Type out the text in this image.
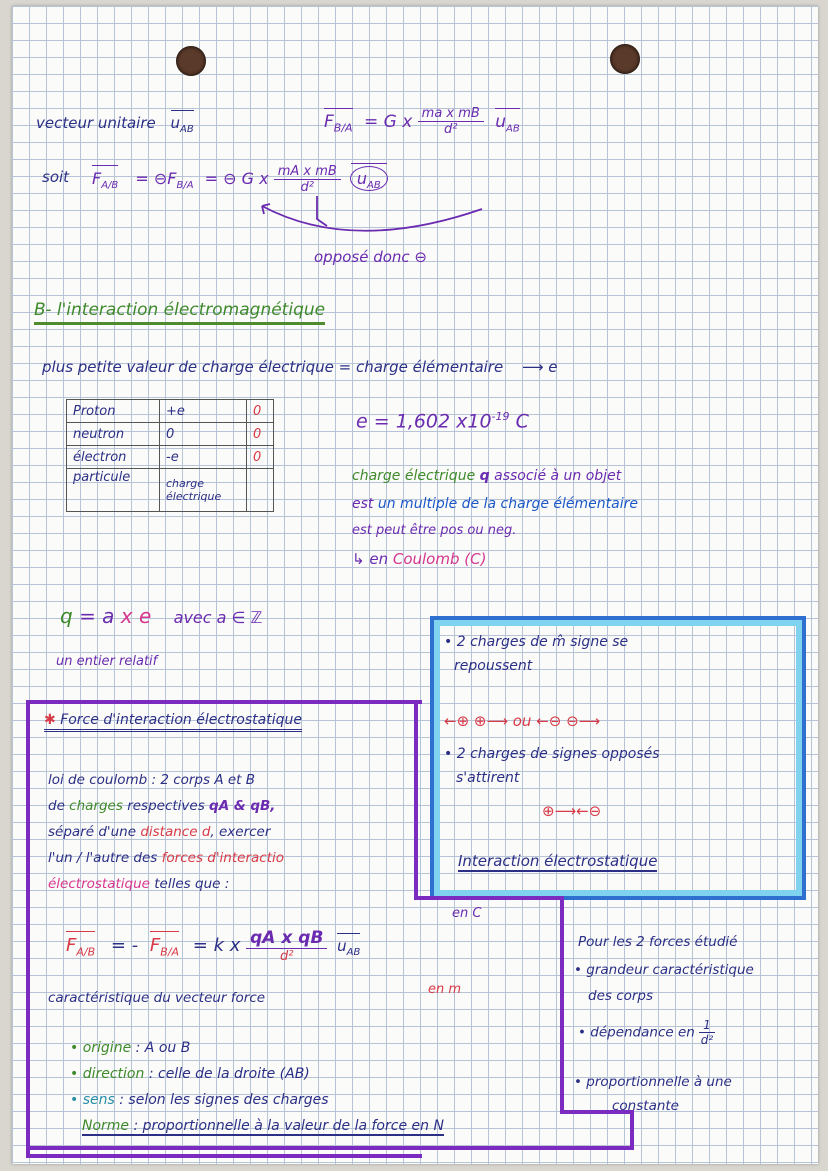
vecteur unitaire $u_{AB}$	$F_{B/A} = G$ x $\frac{\text{ma x mB}}{\text{d²}} u_{AB}$
soit $F_{A/B}$ = $⊖F_{B/A}$ = ⊖ G x $\frac{\text{mA x mB}}{\text{d²}} u_{AB}$
opposé donc ⊖
B- l'interaction électromagnétique
plus petite valeur de charge électrique = charge élémentaire ⟶ e
Proton	+e	0
neutron	0	0
électron	-e	0
particule	charge électrique	
e = 1,602 $x10^{-19}$ C
charge électrique q associé à un objet
est un multiple de la charge élémentaire
est peut être pos ou neg.
↳ en Coulomb (C)
q = a x e avec a ∈ ℤ
un entier relatif
• 2 charges de m̂ signe se
repoussent
←⊕ ⊕⟶ ou ←⊖ ⊖⟶
• 2 charges de signes opposés
s'attirent
⊕⟶←⊖
Interaction électrostatique
✱ Force d'interaction électrostatique
loi de coulomb : 2 corps A et B
de charges respectives qA & qB,
séparé d'une distance d, exercer
l'un / l'autre des forces d'interactio
électrostatique telles que :
en C
$F_{A/B}$ = - $F_{B/A} = k$ x $\frac{\text{qA x qB}}{\text{d²}} u_{AB}$
caractéristique du vecteur force
en m
• origine : A ou B
• direction : celle de la droite (AB)
• sens : selon les signes des charges
Norme : proportionnelle à la valeur de la force en N
Pour les 2 forces étudié
• grandeur caractéristique
des corps
• dépendance en $\frac{1}{\text{d²}}$
• proportionnelle à une
constante
